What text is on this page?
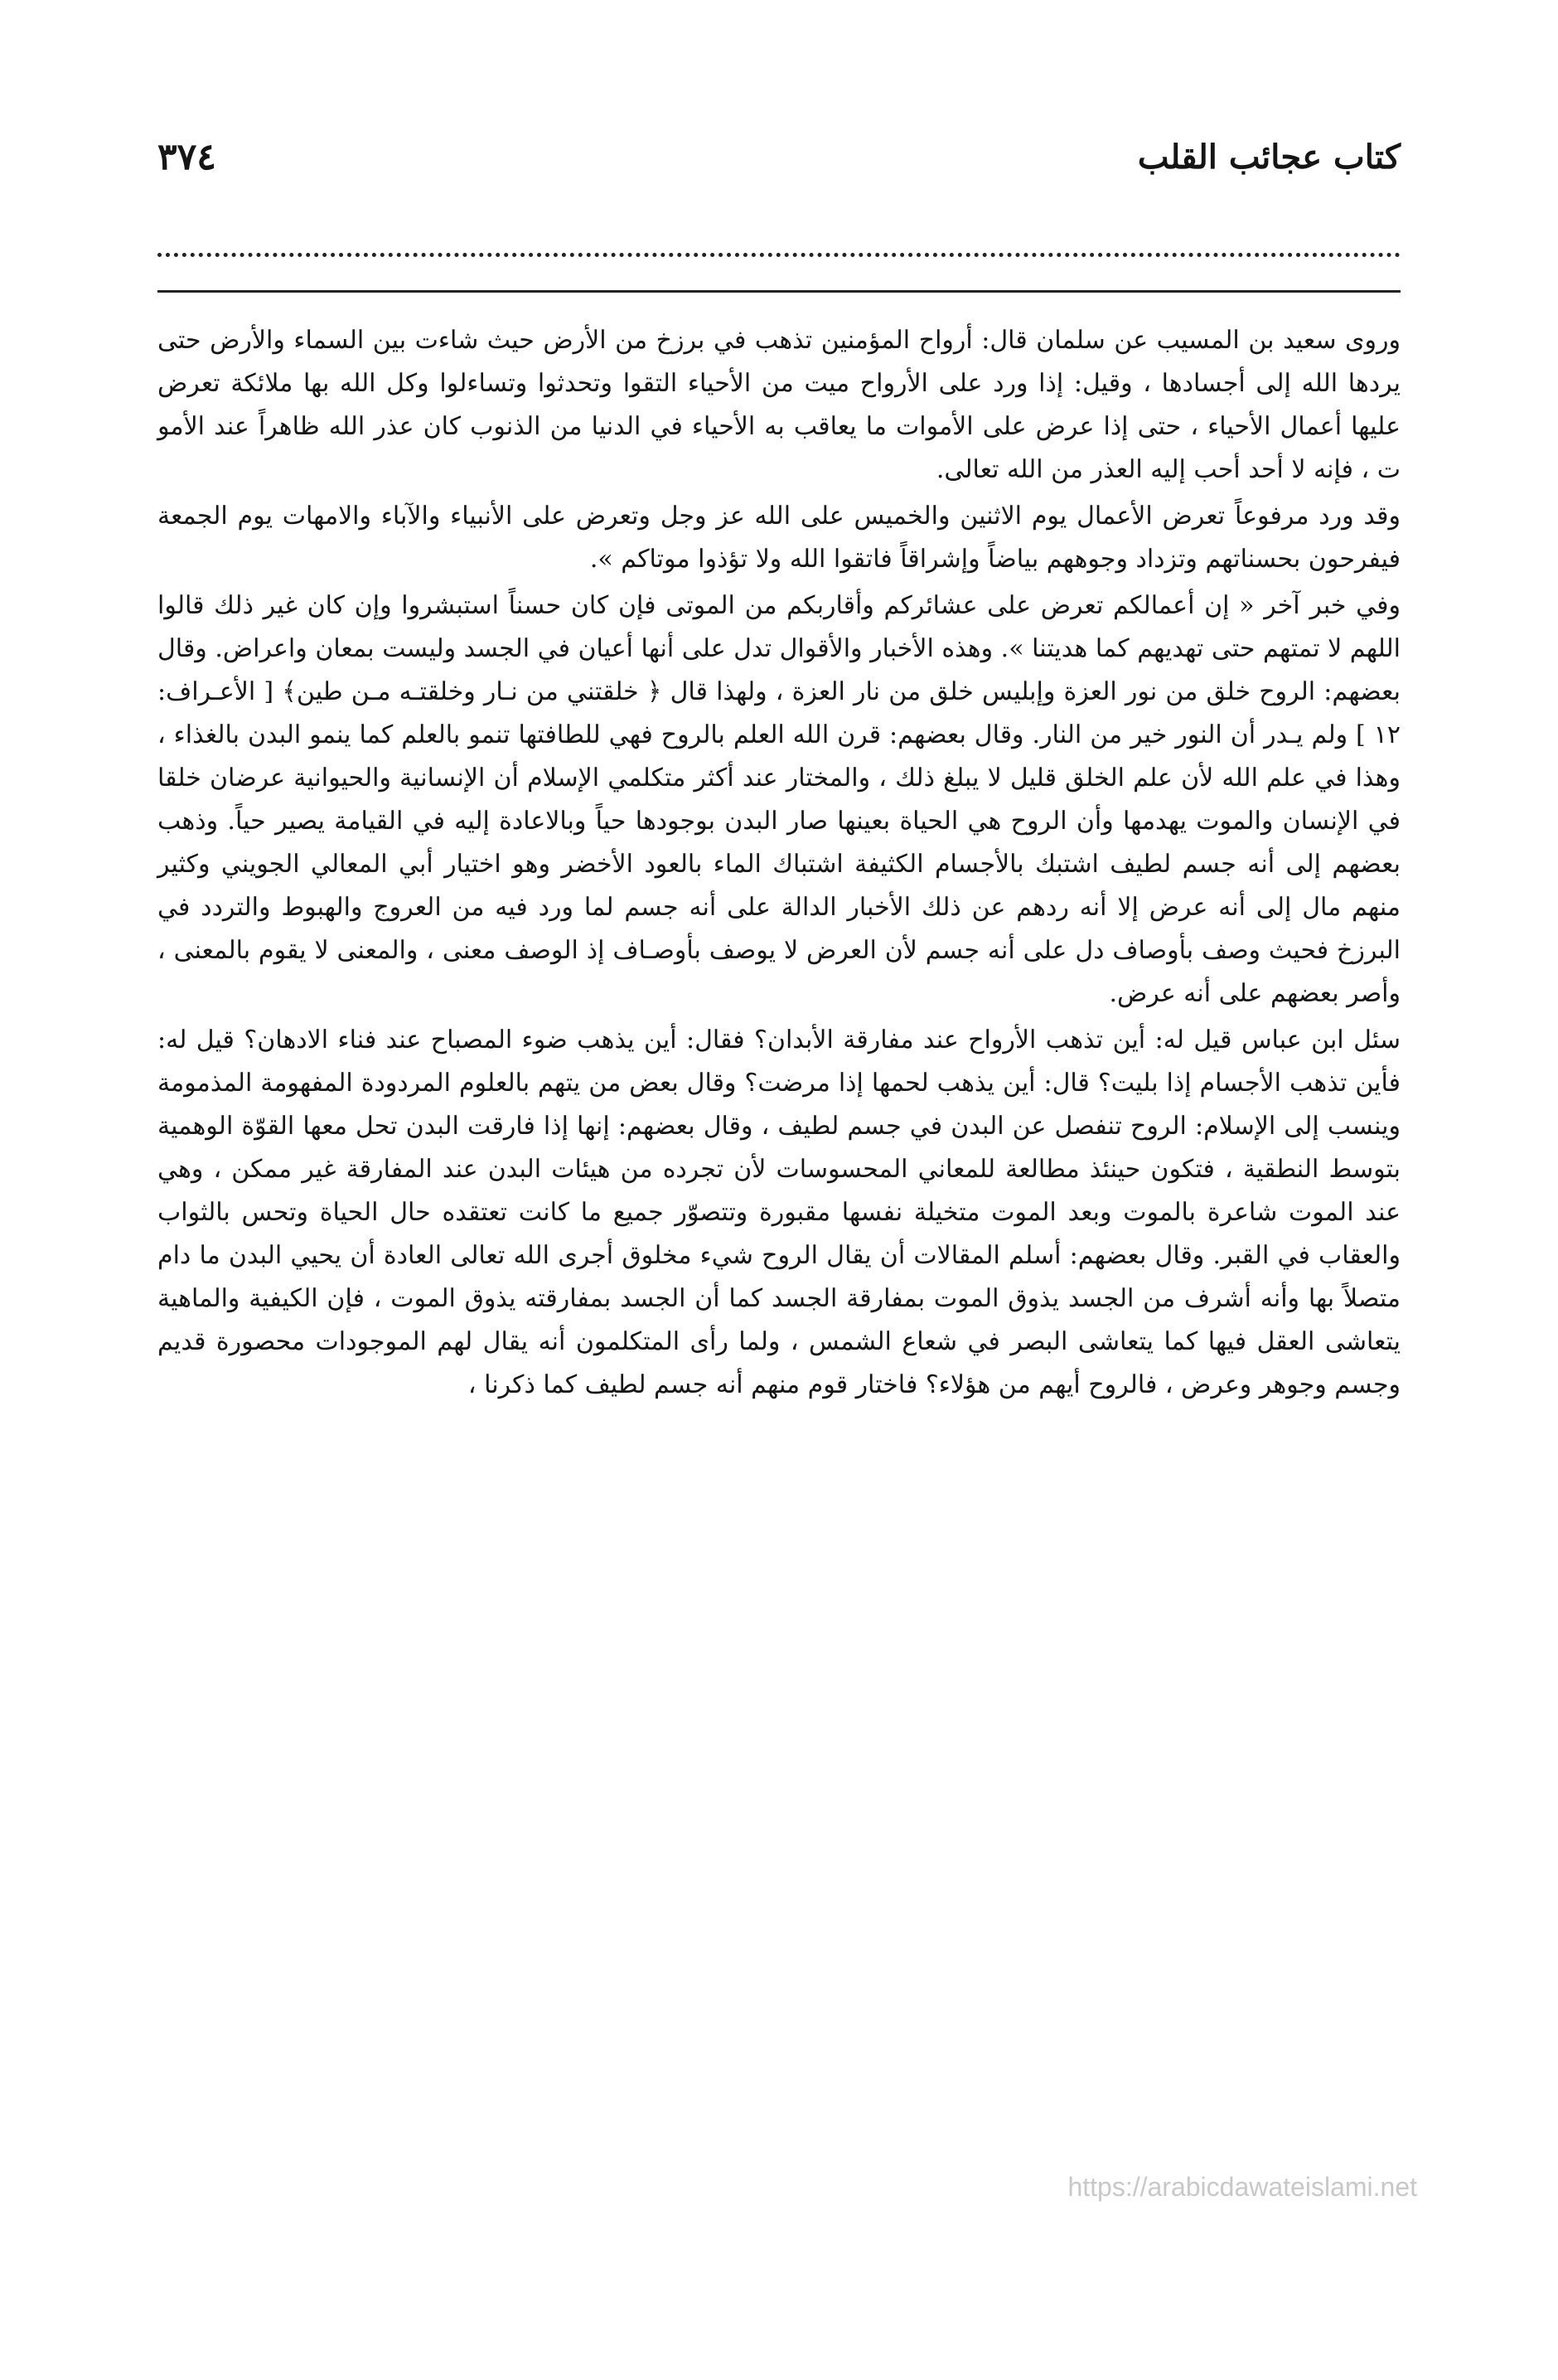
كتاب عجائب القلب
٣٧٤

وروى سعيد بن المسيب عن سلمان قال: أرواح المؤمنين تذهب في برزخ من الأرض حيث شاءت بين السماء والأرض حتى يردها الله إلى أجسادها ، وقيل: إذا ورد على الأرواح ميت من الأحياء التقوا وتحدثوا وتساءلوا وكل الله بها ملائكة تعرض عليها أعمال الأحياء ، حتى إذا عرض على الأموات ما يعاقب به الأحياء في الدنيا من الذنوب كان عذر الله ظاهراً عند الأمو ت ، فإنه لا أحد أحب إليه العذر من الله تعالى.

وقد ورد مرفوعاً تعرض الأعمال يوم الاثنين والخميس على الله عز وجل وتعرض على الأنبياء والآباء والامهات يوم الجمعة فيفرحون بحسناتهم وتزداد وجوههم بياضاً وإشراقاً فاتقوا الله ولا تؤذوا موتاكم ».

وفي خبر آخر « إن أعمالكم تعرض على عشائركم وأقاربكم من الموتى فإن كان حسناً استبشروا وإن كان غير ذلك قالوا اللهم لا تمتهم حتى تهديهم كما هديتنا ». وهذه الأخبار والأقوال تدل على أنها أعيان في الجسد وليست بمعان واعراض. وقال بعضهم: الروح خلق من نور العزة وإبليس خلق من نار العزة ، ولهذا قال ﴿ خلقتني من نـار وخلقتـه مـن طين﴾ [ الأعـراف: ١٢ ] ولم يـدر أن النور خير من النار. وقال بعضهم: قرن الله العلم بالروح فهي للطافتها تنمو بالعلم كما ينمو البدن بالغذاء ، وهذا في علم الله لأن علم الخلق قليل لا يبلغ ذلك ، والمختار عند أكثر متكلمي الإسلام أن الإنسانية والحيوانية عرضان خلقا في الإنسان والموت يهدمها وأن الروح هي الحياة بعينها صار البدن بوجودها حياً وبالاعادة إليه في القيامة يصير حياً. وذهب بعضهم إلى أنه جسم لطيف اشتبك بالأجسام الكثيفة اشتباك الماء بالعود الأخضر وهو اختيار أبي المعالي الجويني وكثير منهم مال إلى أنه عرض إلا أنه ردهم عن ذلك الأخبار الدالة على أنه جسم لما ورد فيه من العروج والهبوط والتردد في البرزخ فحيث وصف بأوصاف دل على أنه جسم لأن العرض لا يوصف بأوصـاف إذ الوصف معنى ، والمعنى لا يقوم بالمعنى ، وأصر بعضهم على أنه عرض.

سئل ابن عباس قيل له: أين تذهب الأرواح عند مفارقة الأبدان؟ فقال: أين يذهب ضوء المصباح عند فناء الادهان؟ قيل له: فأين تذهب الأجسام إذا بليت؟ قال: أين يذهب لحمها إذا مرضت؟ وقال بعض من يتهم بالعلوم المردودة المفهومة المذمومة وينسب إلى الإسلام: الروح تنفصل عن البدن في جسم لطيف ، وقال بعضهم: إنها إذا فارقت البدن تحل معها القوّة الوهمية بتوسط النطقية ، فتكون حينئذ مطالعة للمعاني المحسوسات لأن تجرده من هيئات البدن عند المفارقة غير ممكن ، وهي عند الموت شاعرة بالموت وبعد الموت متخيلة نفسها مقبورة وتتصوّر جميع ما كانت تعتقده حال الحياة وتحس بالثواب والعقاب في القبر. وقال بعضهم: أسلم المقالات أن يقال الروح شيء مخلوق أجرى الله تعالى العادة أن يحيي البدن ما دام متصلاً بها وأنه أشرف من الجسد يذوق الموت بمفارقة الجسد كما أن الجسد بمفارقته يذوق الموت ، فإن الكيفية والماهية يتعاشى العقل فيها كما يتعاشى البصر في شعاع الشمس ، ولما رأى المتكلمون أنه يقال لهم الموجودات محصورة قديم وجسم وجوهر وعرض ، فالروح أيهم من هؤلاء؟ فاختار قوم منهم أنه جسم لطيف كما ذكرنا ،

https://arabicdawateislami.net
